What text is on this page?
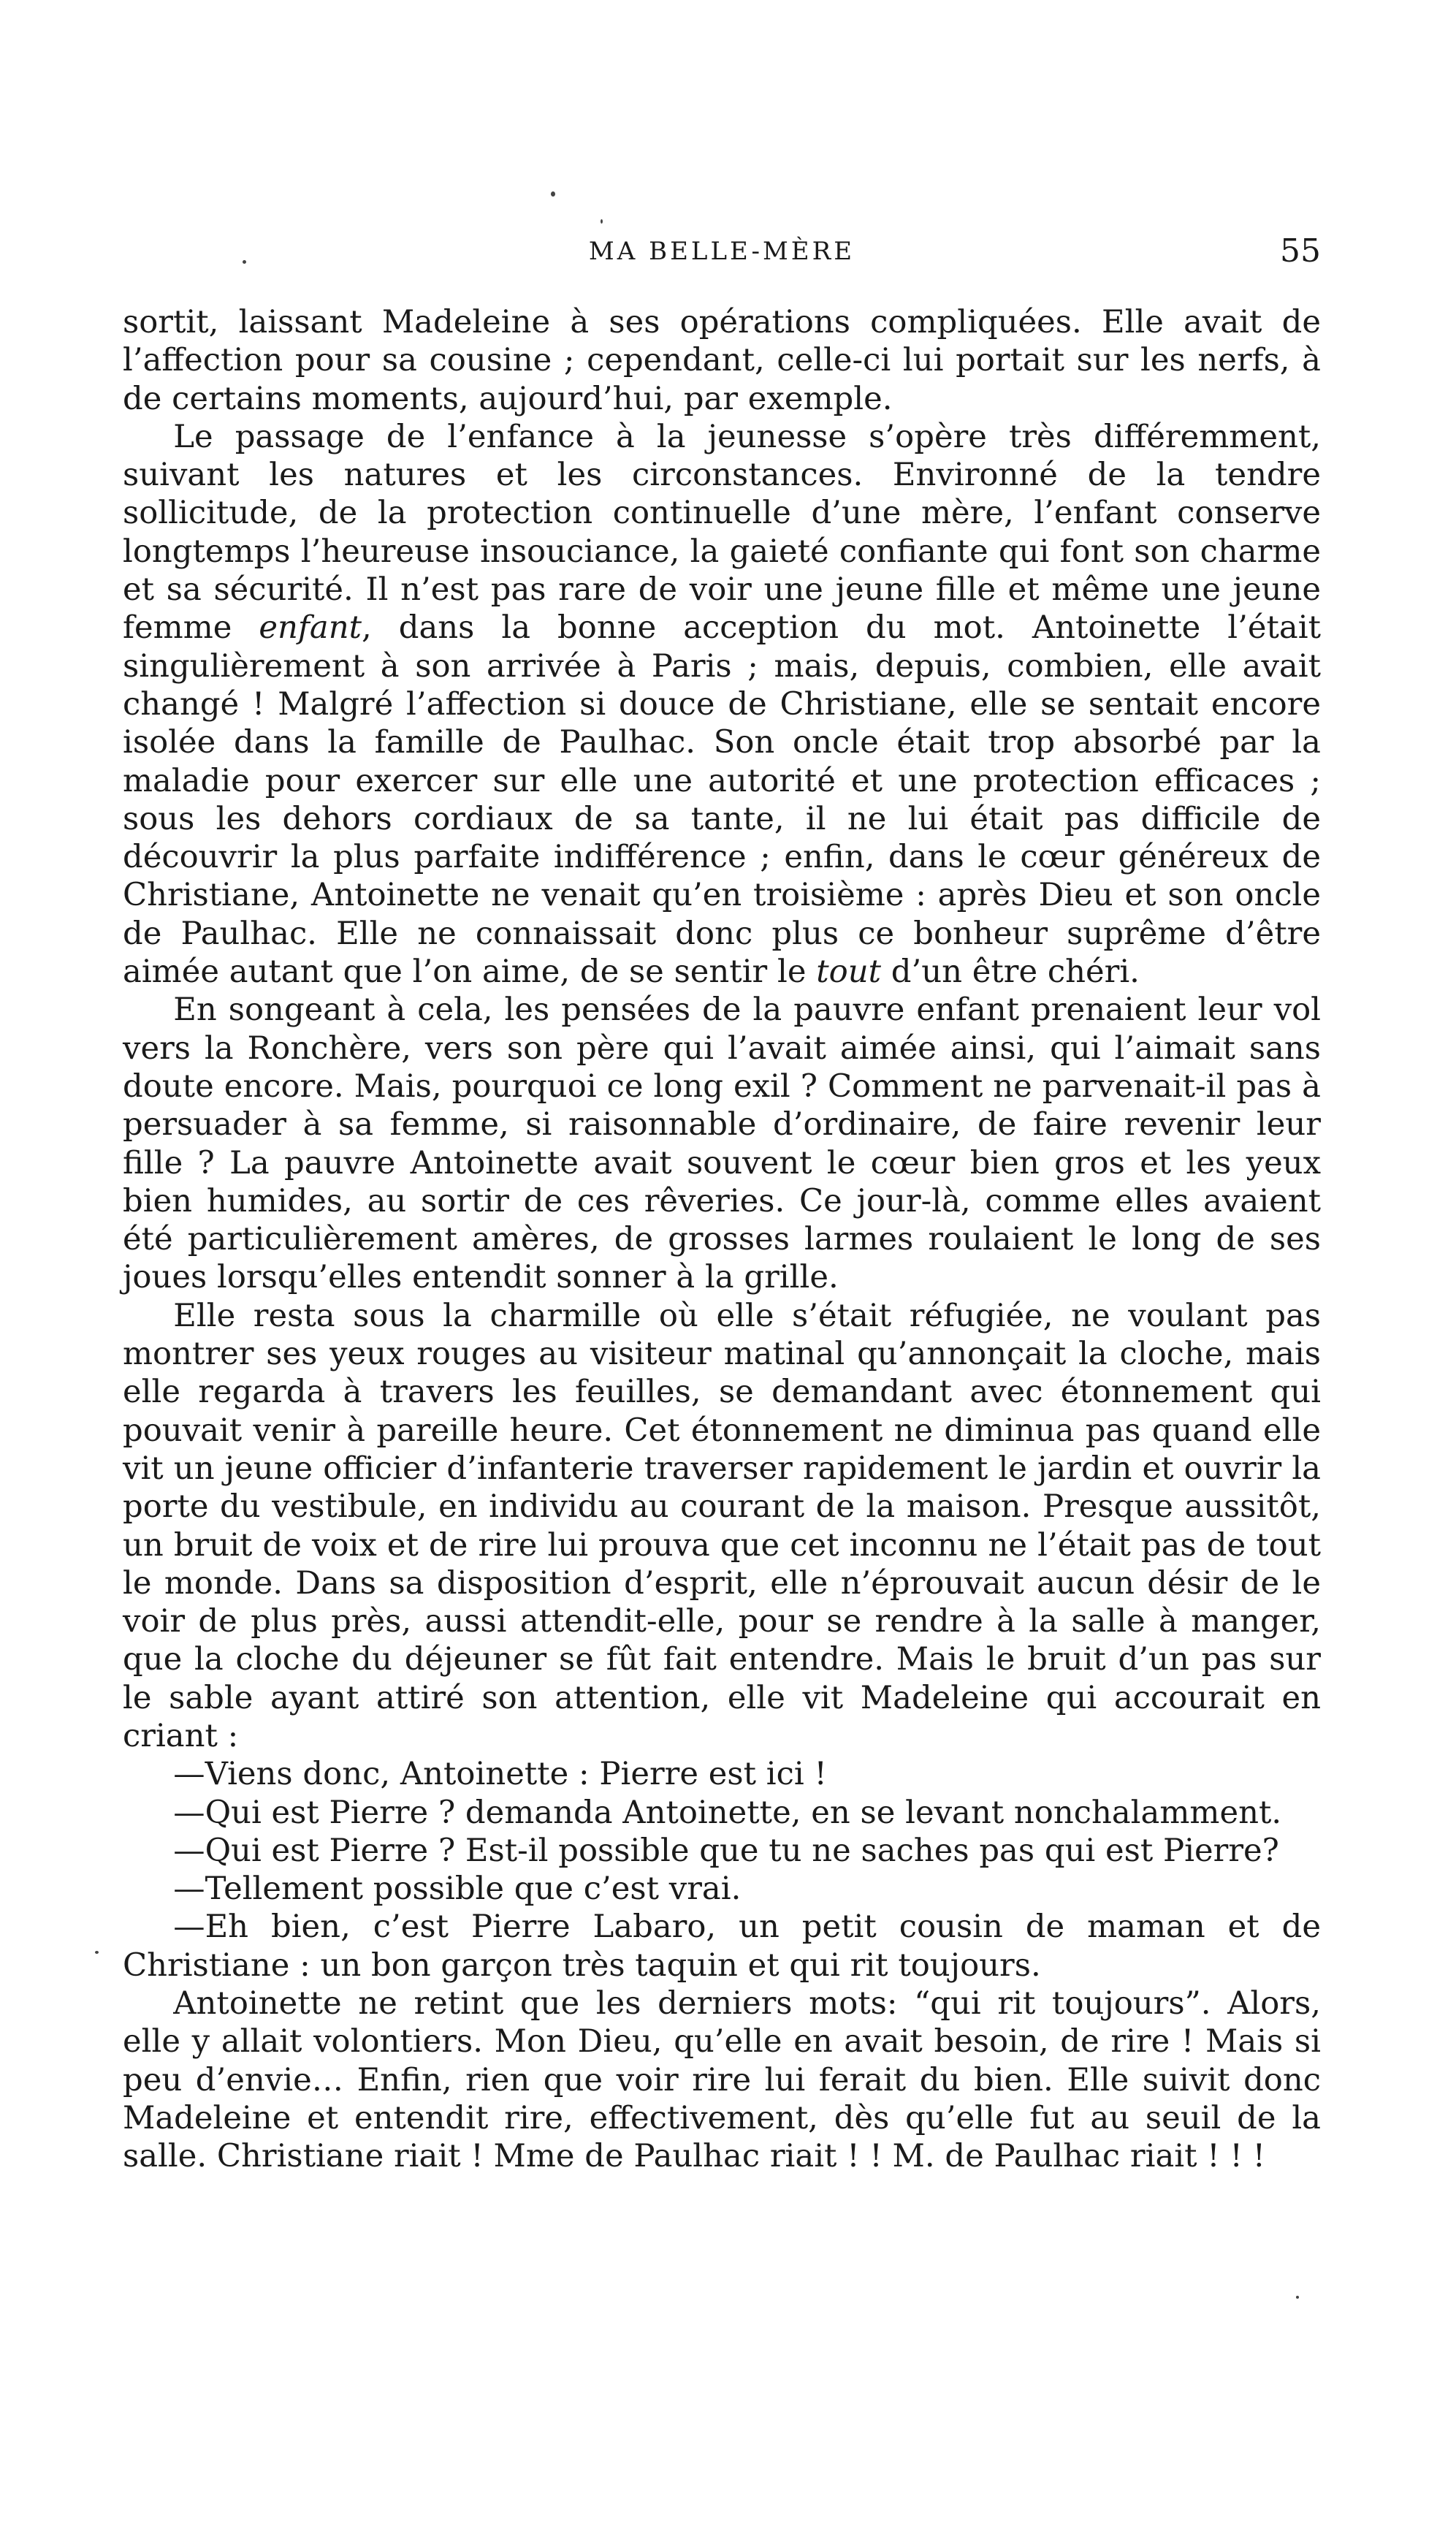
MA BELLE-MÈRE	55

sortit, laissant Madeleine à ses opérations compliquées. Elle avait de l’affection pour sa cousine ; cependant, celle-ci lui portait sur les nerfs, à de certains moments, aujourd’hui, par exemple.

Le passage de l’enfance à la jeunesse s’opère très différemment, suivant les natures et les circonstances. Environné de la tendre sollicitude, de la protection continuelle d’une mère, l’enfant conserve longtemps l’heureuse insouciance, la gaieté confiante qui font son charme et sa sécurité. Il n’est pas rare de voir une jeune fille et même une jeune femme enfant, dans la bonne acception du mot. Antoinette l’était singulièrement à son arrivée à Paris ; mais, depuis, combien, elle avait changé ! Malgré l’affection si douce de Christiane, elle se sentait encore isolée dans la famille de Paulhac. Son oncle était trop absorbé par la maladie pour exercer sur elle une autorité et une protection efficaces ; sous les dehors cordiaux de sa tante, il ne lui était pas difficile de découvrir la plus parfaite indifférence ; enfin, dans le cœur généreux de Christiane, Antoinette ne venait qu’en troisième : après Dieu et son oncle de Paulhac. Elle ne connaissait donc plus ce bonheur suprême d’être aimée autant que l’on aime, de se sentir le tout d’un être chéri.

En songeant à cela, les pensées de la pauvre enfant prenaient leur vol vers la Ronchère, vers son père qui l’avait aimée ainsi, qui l’aimait sans doute encore. Mais, pourquoi ce long exil ? Comment ne parvenait-il pas à persuader à sa femme, si raisonnable d’ordinaire, de faire revenir leur fille ? La pauvre Antoinette avait souvent le cœur bien gros et les yeux bien humides, au sortir de ces rêveries. Ce jour-là, comme elles avaient été particulièrement amères, de grosses larmes roulaient le long de ses joues lorsqu’elles entendit sonner à la grille.

Elle resta sous la charmille où elle s’était réfugiée, ne voulant pas montrer ses yeux rouges au visiteur matinal qu’annonçait la cloche, mais elle regarda à travers les feuilles, se demandant avec étonnement qui pouvait venir à pareille heure. Cet étonnement ne diminua pas quand elle vit un jeune officier d’infanterie traverser rapidement le jardin et ouvrir la porte du vestibule, en individu au courant de la maison. Presque aussitôt, un bruit de voix et de rire lui prouva que cet inconnu ne l’était pas de tout le monde. Dans sa disposition d’esprit, elle n’éprouvait aucun désir de le voir de plus près, aussi attendit-elle, pour se rendre à la salle à manger, que la cloche du déjeuner se fût fait entendre. Mais le bruit d’un pas sur le sable ayant attiré son attention, elle vit Madeleine qui accourait en criant :

—Viens donc, Antoinette : Pierre est ici !

—Qui est Pierre ? demanda Antoinette, en se levant nonchalamment.

—Qui est Pierre ? Est-il possible que tu ne saches pas qui est Pierre?

—Tellement possible que c’est vrai.

—Eh bien, c’est Pierre Labaro, un petit cousin de maman et de Christiane : un bon garçon très taquin et qui rit toujours.

Antoinette ne retint que les derniers mots: “qui rit toujours”. Alors, elle y allait volontiers. Mon Dieu, qu’elle en avait besoin, de rire ! Mais si peu d’envie… Enfin, rien que voir rire lui ferait du bien. Elle suivit donc Madeleine et entendit rire, effectivement, dès qu’elle fut au seuil de la salle. Christiane riait ! Mme de Paulhac riait ! ! M. de Paulhac riait ! ! !
